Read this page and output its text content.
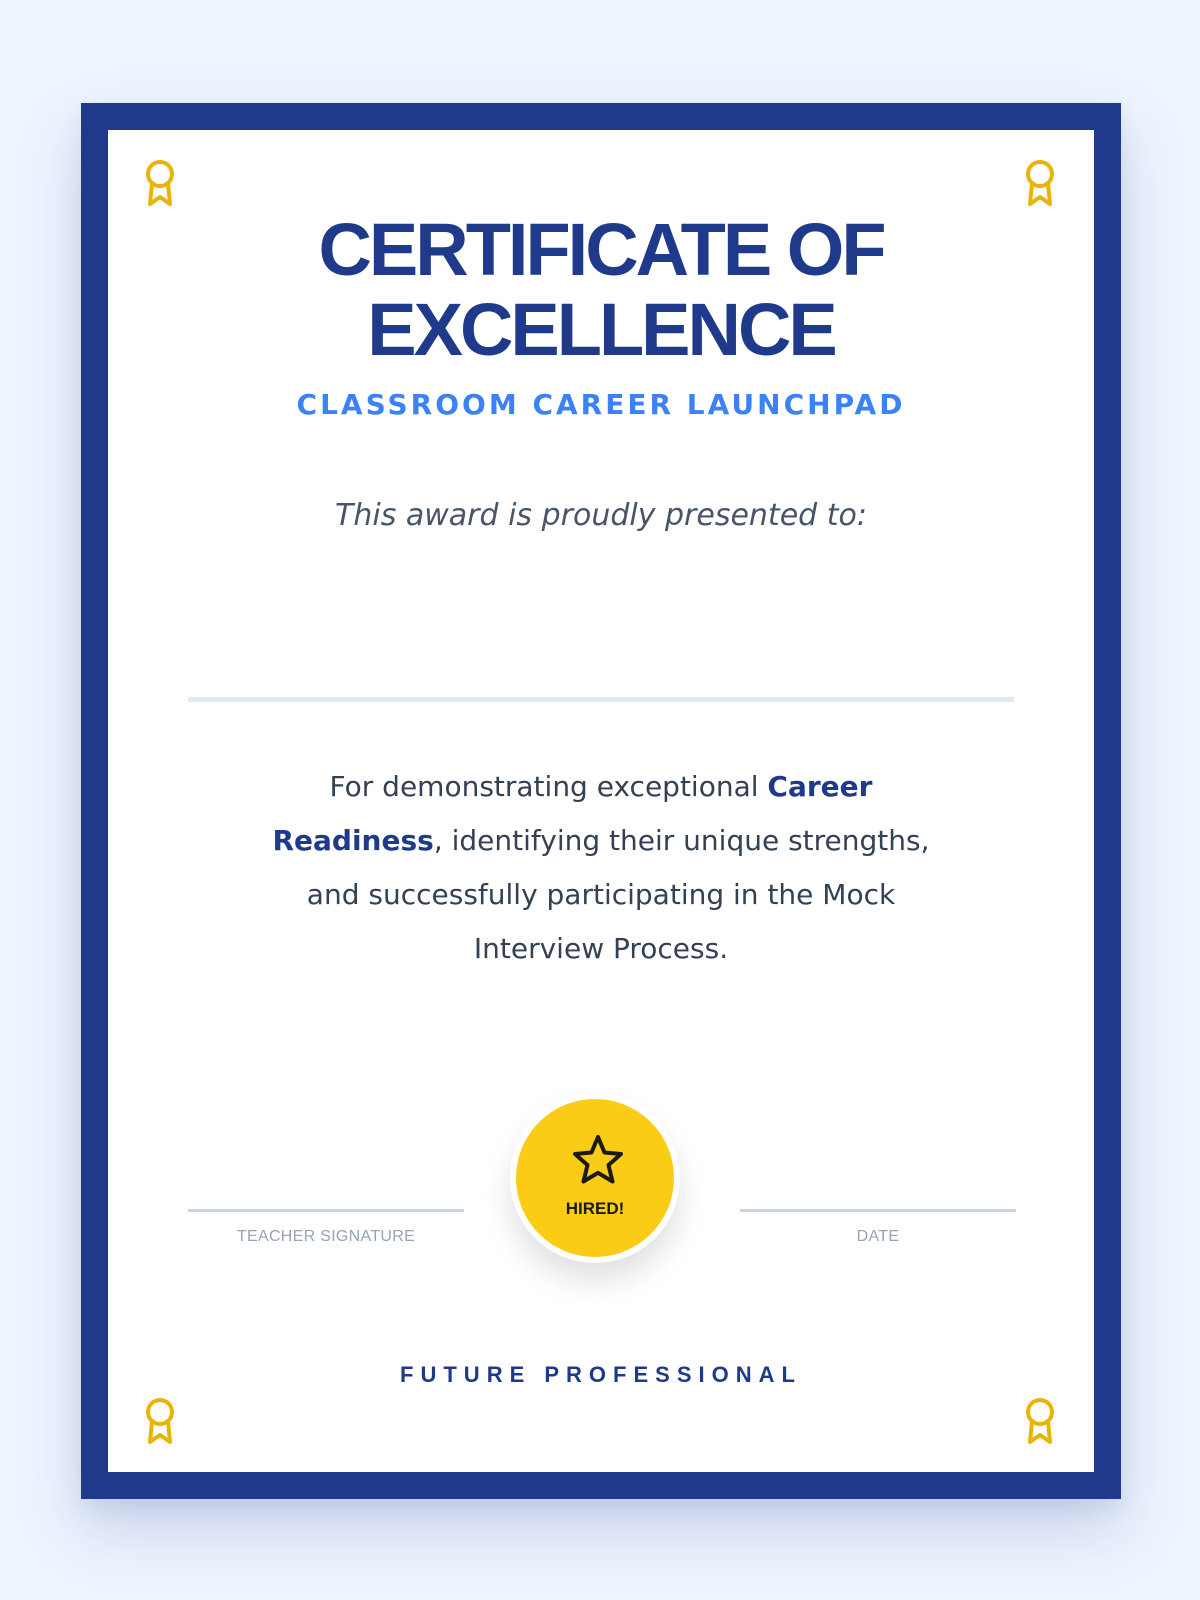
CERTIFICATE OF
EXCELLENCE
CLASSROOM CAREER LAUNCHPAD
This award is proudly presented to:
For demonstrating exceptional Career Readiness, identifying their unique strengths, and successfully participating in the Mock Interview Process.
TEACHER SIGNATURE	DATE
HIRED!
FUTURE PROFESSIONAL
